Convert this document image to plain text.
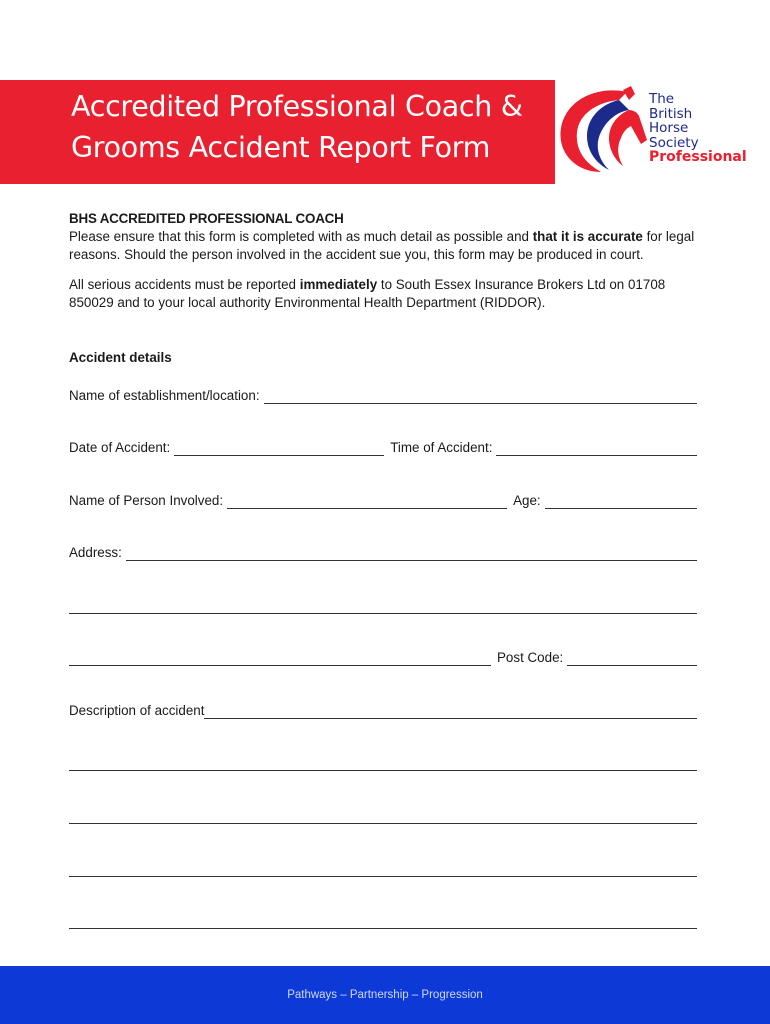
Accredited Professional Coach &
Grooms Accident Report Form
The
British
Horse
Society
Professional

BHS ACCREDITED PROFESSIONAL COACH

Please ensure that this form is completed with as much detail as possible and that it is accurate for legal reasons. Should the person involved in the accident sue you, this form may be produced in court.

All serious accidents must be reported immediately to South Essex Insurance Brokers Ltd on 01708 850029 and to your local authority Environmental Health Department (RIDDOR).

Accident details
Name of establishment/location:
Date of Accident:	Time of Accident:
Name of Person Involved:	Age:
Address:
Post Code:
Description of accident
Pathways – Partnership – Progression
